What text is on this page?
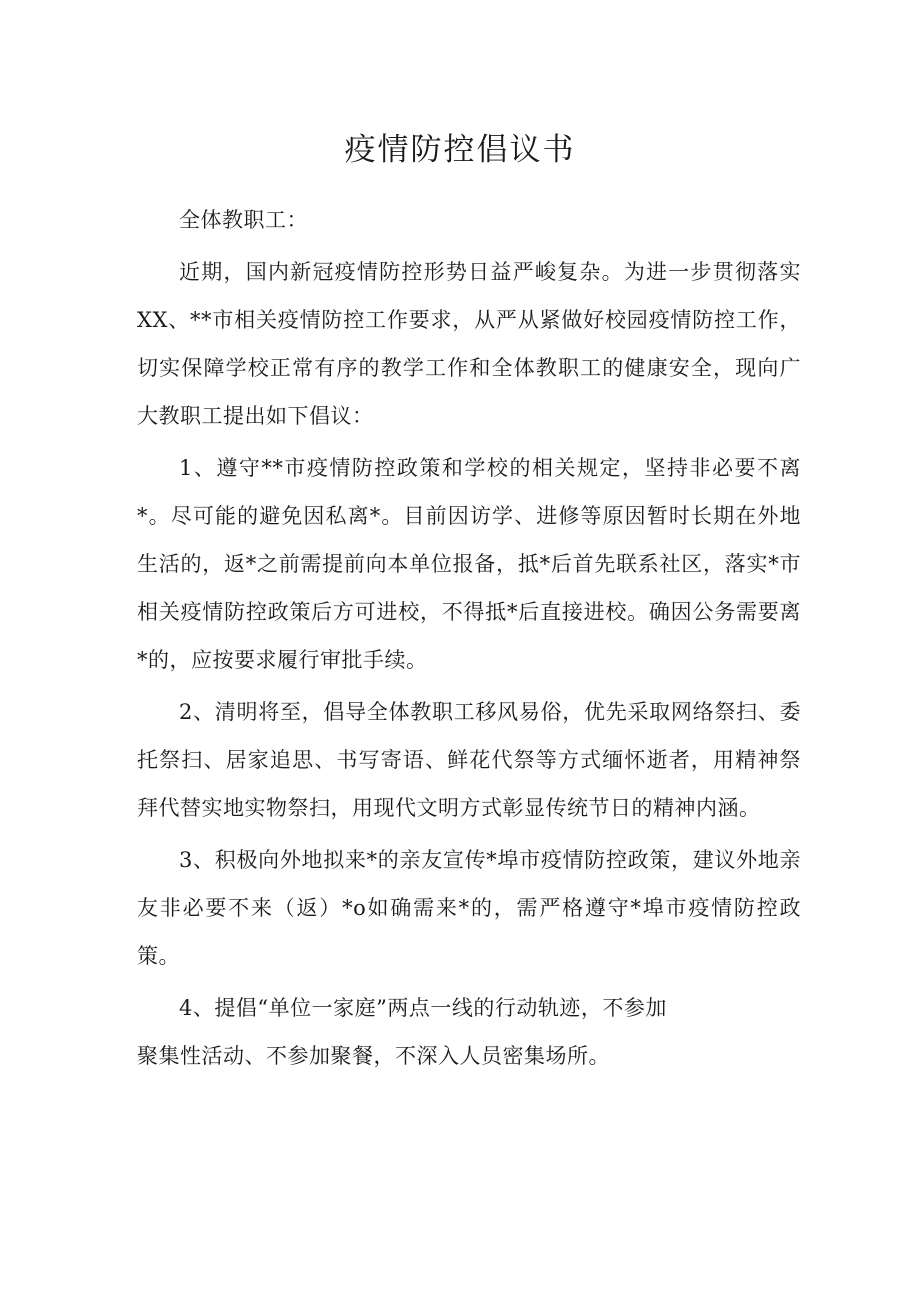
疫情防控倡议书

全体教职工：

近期，国内新冠疫情防控形势日益严峻复杂。为进一步贯彻落实XX、**市相关疫情防控工作要求，从严从紧做好校园疫情防控工作，切实保障学校正常有序的教学工作和全体教职工的健康安全，现向广大教职工提出如下倡议：

1、遵守**市疫情防控政策和学校的相关规定，坚持非必要不离*。尽可能的避免因私离*。目前因访学、进修等原因暂时长期在外地生活的，返*之前需提前向本单位报备，抵*后首先联系社区，落实*市相关疫情防控政策后方可进校，不得抵*后直接进校。确因公务需要离*的，应按要求履行审批手续。

2、清明将至，倡导全体教职工移风易俗，优先采取网络祭扫、委托祭扫、居家追思、书写寄语、鲜花代祭等方式缅怀逝者，用精神祭拜代替实地实物祭扫，用现代文明方式彰显传统节日的精神内涵。

3、积极向外地拟来*的亲友宣传*埠市疫情防控政策，建议外地亲友非必要不来（返）*o如确需来*的，需严格遵守*埠市疫情防控政策。

4、提倡“单位一家庭”两点一线的行动轨迹，不参加

聚集性活动、不参加聚餐，不深入人员密集场所。
